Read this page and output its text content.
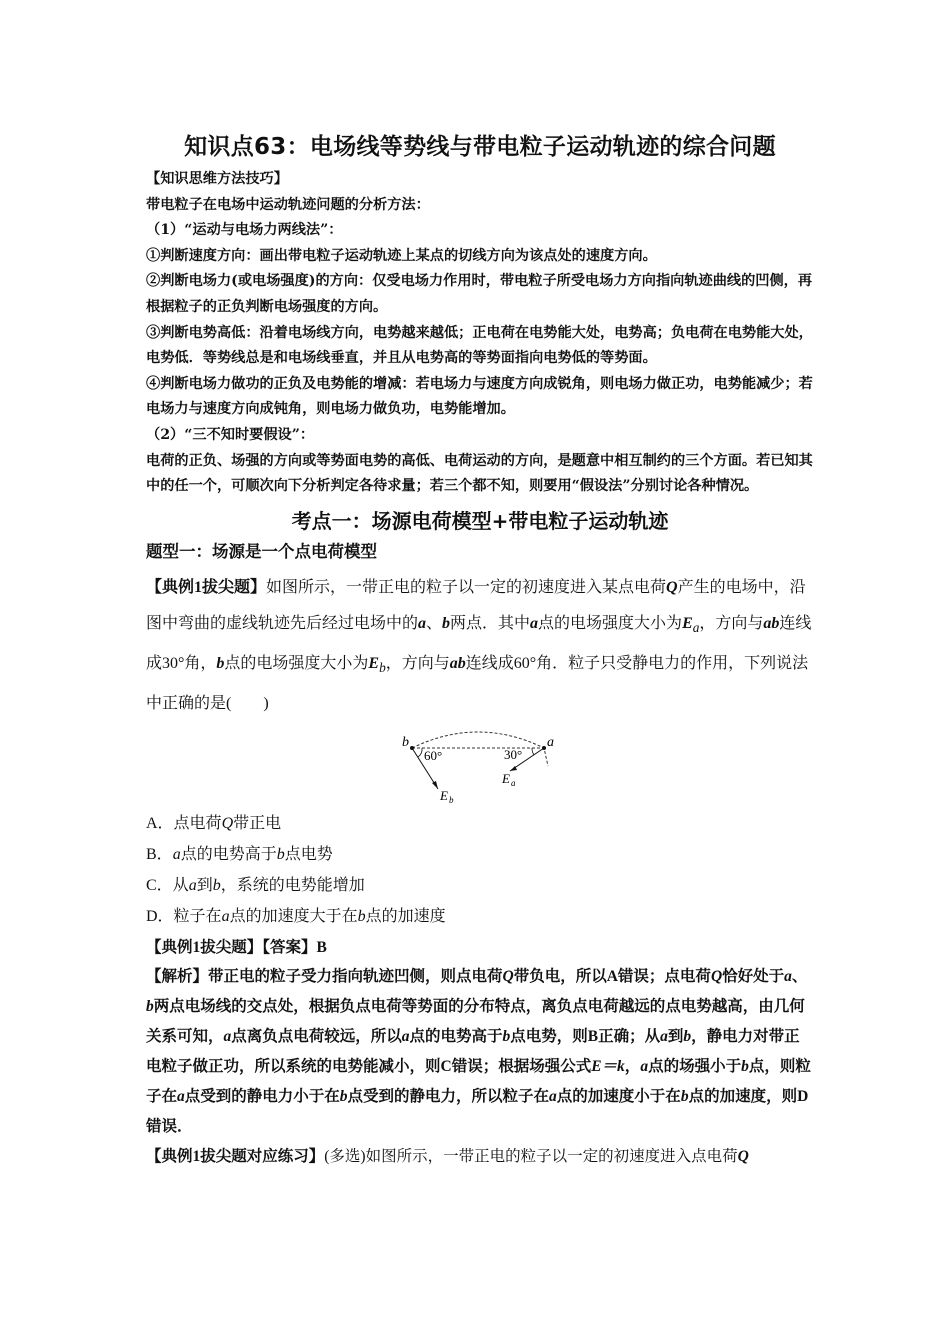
知识点63：电场线等势线与带电粒子运动轨迹的综合问题

【知识思维方法技巧】

带电粒子在电场中运动轨迹问题的分析方法：

（1）“运动与电场力两线法”：

①判断速度方向：画出带电粒子运动轨迹上某点的切线方向为该点处的速度方向。

②判断电场力(或电场强度)的方向：仅受电场力作用时，带电粒子所受电场力方向指向轨迹曲线的凹侧，再根据粒子的正负判断电场强度的方向。

③判断电势高低：沿着电场线方向，电势越来越低；正电荷在电势能大处，电势高；负电荷在电势能大处，电势低．等势线总是和电场线垂直，并且从电势高的等势面指向电势低的等势面。

④判断电场力做功的正负及电势能的增减：若电场力与速度方向成锐角，则电场力做正功，电势能减少；若电场力与速度方向成钝角，则电场力做负功，电势能增加。

（2）“三不知时要假设”：

电荷的正负、场强的方向或等势面电势的高低、电荷运动的方向，是题意中相互制约的三个方面。若已知其中的任一个，可顺次向下分析判定各待求量；若三个都不知，则要用“假设法”分别讨论各种情况。

考点一：场源电荷模型+带电粒子运动轨迹
题型一：场源是一个点电荷模型

【典例1拔尖题】如图所示，一带正电的粒子以一定的初速度进入某点电荷Q产生的电场中，沿图中弯曲的虚线轨迹先后经过电场中的a、b两点．其中a点的电场强度大小为$E_a$，方向与ab连线成30°角，b点的电场强度大小为$E_b$，方向与ab连线成60°角．粒子只受静电力的作用，下列说法中正确的是(　　)

b	a
60°	30°
E a
E b

A．点电荷Q带正电

B．a点的电势高于b点电势

C．从a到b，系统的电势能增加

D．粒子在a点的加速度大于在b点的加速度

【典例1拔尖题】【答案】B

【解析】带正电的粒子受力指向轨迹凹侧，则点电荷Q带负电，所以A错误；点电荷Q恰好处于a、b两点电场线的交点处，根据负点电荷等势面的分布特点，离负点电荷越远的点电势越高，由几何关系可知，a点离负点电荷较远，所以a点的电势高于b点电势，则B正确；从a到b，静电力对带正电粒子做正功，所以系统的电势能减小，则C错误；根据场强公式E＝k，a点的场强小于b点，则粒子在a点受到的静电力小于在b点受到的静电力，所以粒子在a点的加速度小于在b点的加速度，则D错误．

【典例1拔尖题对应练习】(多选)如图所示，一带正电的粒子以一定的初速度进入点电荷Q
